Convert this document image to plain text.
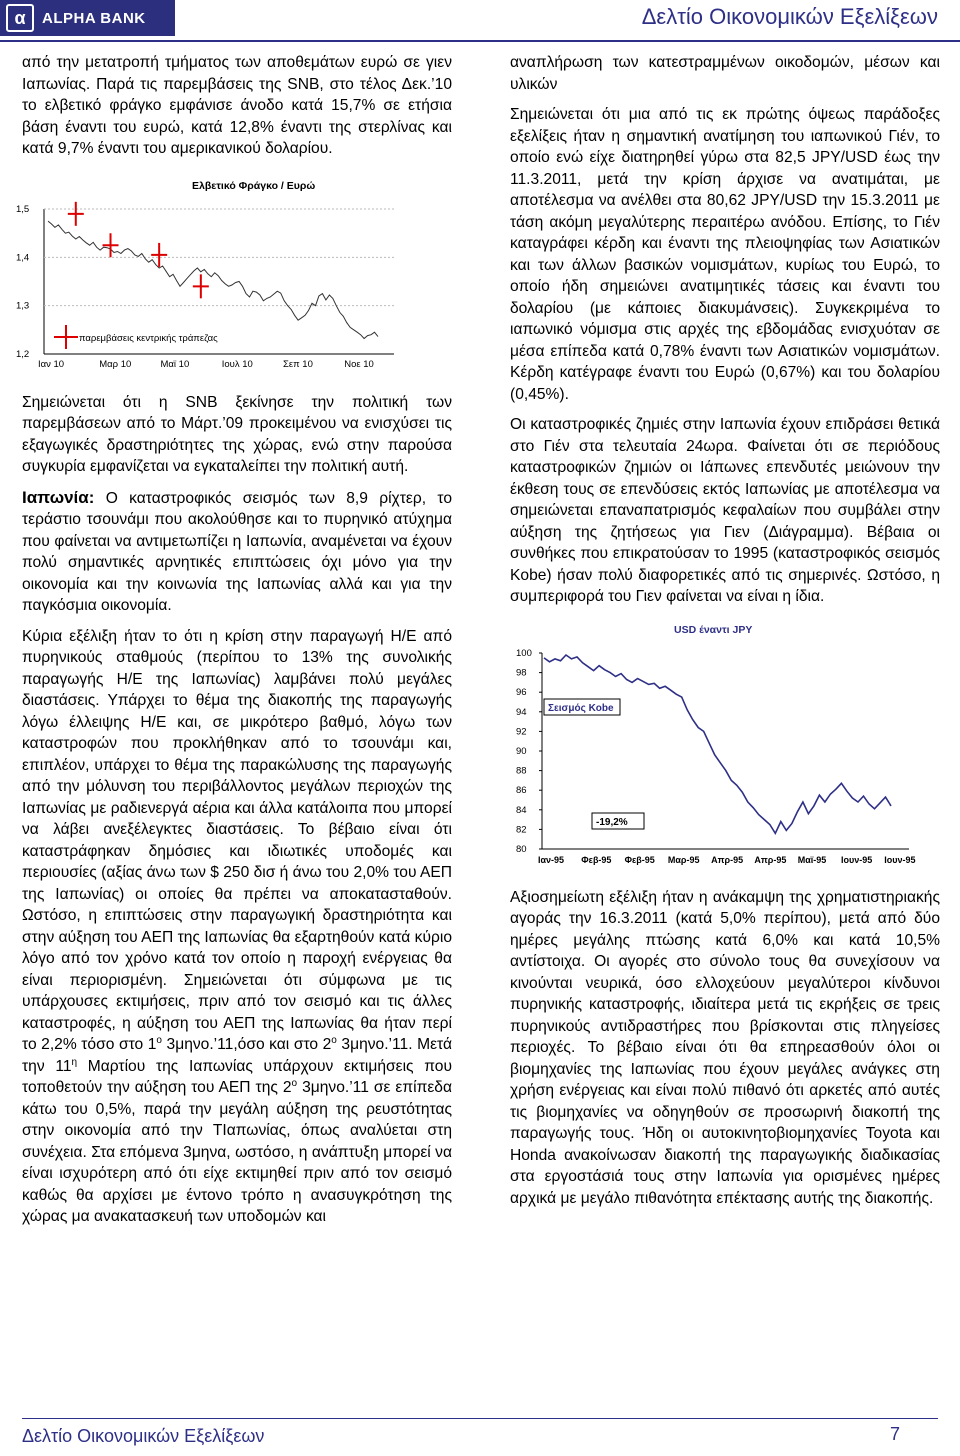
α	ALPHA BANK	Δελτίο Οικονομικών Εξελίξεων

από την μετατροπή τμήματος των αποθεμάτων ευρώ σε γιεν Ιαπωνίας. Παρά τις παρεμβάσεις της SNB, στο τέλος Δεκ.’10 το ελβετικό φράγκο εμφάνισε άνοδο κατά 15,7% σε ετήσια βάση έναντι του ευρώ, κατά 12,8% έναντι της στερλίνας και κατά 9,7% έναντι του αμερικανικού δολαρίου.

Ελβετικό Φράγκο / Ευρώ
παρεμβάσεις κεντρικής τράπεζας
1,5
1,4
1,3
1,2
Ιαν 10	Μαρ 10	Μαϊ 10	Ιουλ 10	Σεπ 10	Νοε 10

Σημειώνεται ότι η SNB ξεκίνησε την πολιτική των παρεμβάσεων από το Μάρτ.’09 προκειμένου να ενισχύσει τις εξαγωγικές δραστηριότητες της χώρας, ενώ στην παρούσα συγκυρία εμφανίζεται να εγκαταλείπει την πολιτική αυτή.

Ιαπωνία: Ο καταστροφικός σεισμός των 8,9 ρίχτερ, το τεράστιο τσουνάμι που ακολούθησε και το πυρηνικό ατύχημα που φαίνεται να αντιμετωπίζει η Ιαπωνία, αναμένεται να έχουν πολύ σημαντικές αρνητικές επιπτώσεις όχι μόνο για την οικονομία και την κοινωνία της Ιαπωνίας αλλά και για την παγκόσμια οικονομία.

Κύρια εξέλιξη ήταν το ότι η κρίση στην παραγωγή Η/Ε από πυρηνικούς σταθμούς (περίπου το 13% της συνολικής παραγωγής Η/Ε της Ιαπωνίας) λαμβάνει πολύ μεγάλες διαστάσεις. Υπάρχει το θέμα της διακοπής της παραγωγής λόγω έλλειψης Η/Ε και, σε μικρότερο βαθμό, λόγω των καταστροφών που προκλήθηκαν από το τσουνάμι και, επιπλέον, υπάρχει το θέμα της παρακώλυσης της παραγωγής από την μόλυνση του περιβάλλοντος μεγάλων περιοχών της Ιαπωνίας με ραδιενεργά αέρια και άλλα κατάλοιπα που μπορεί να λάβει ανεξέλεγκτες διαστάσεις. Το βέβαιο είναι ότι καταστράφηκαν δημόσιες και ιδιωτικές υποδομές και περιουσίες (αξίας άνω των $ 250 δισ ή άνω του 2,0% του ΑΕΠ της Ιαπωνίας) οι οποίες θα πρέπει να αποκατασταθούν. Ωστόσο, η επιπτώσεις στην παραγωγική δραστηριότητα και στην αύξηση του ΑΕΠ της Ιαπωνίας θα εξαρτηθούν κατά κύριο λόγο από τον χρόνο κατά τον οποίο η παροχή ενέργειας θα είναι περιορισμένη. Σημειώνεται ότι σύμφωνα με τις υπάρχουσες εκτιμήσεις, πριν από τον σεισμό και τις άλλες καταστροφές, η αύξηση του ΑΕΠ της Ιαπωνίας θα ήταν περί το 2,2% τόσο στο $1^o$ 3μηνο.’11,όσο και στο $2^o$ 3μηνο.’11. Μετά την $11^\eta$ Μαρτίου της Ιαπωνίας υπάρχουν εκτιμήσεις που τοποθετούν την αύξηση του ΑΕΠ της $2^o$ 3μηνο.’11 σε επίπεδα κάτω του 0,5%, παρά την μεγάλη αύξηση της ρευστότητας στην οικονομία από την ΤΙαπωνίας, όπως αναλύεται στη συνέχεια. Στα επόμενα 3μηνα, ωστόσο, η ανάπτυξη μπορεί να είναι ισχυρότερη από ότι είχε εκτιμηθεί πριν από τον σεισμό καθώς θα αρχίσει με έντονο τρόπο η ανασυγκρότηση της χώρας μα ανακατασκευή των υποδομών και

αναπλήρωση των κατεστραμμένων οικοδομών, μέσων και υλικών

Σημειώνεται ότι μια από τις εκ πρώτης όψεως παράδοξες εξελίξεις ήταν η σημαντική ανατίμηση του ιαπωνικού Γιέν, το οποίο ενώ είχε διατηρηθεί γύρω στα 82,5 JPY/USD έως την 11.3.2011, μετά την κρίση άρχισε να ανατιμάται, με αποτέλεσμα να ανέλθει στα 80,62 JPY/USD την 15.3.2011 με τάση ακόμη μεγαλύτερης περαιτέρω ανόδου. Επίσης, το Γιέν καταγράφει κέρδη και έναντι της πλειοψηφίας των Ασιατικών και των άλλων βασικών νομισμάτων, κυρίως του Ευρώ, το οποίο ήδη σημειώνει ανατιμητικές τάσεις και έναντι του δολαρίου (με κάποιες διακυμάνσεις). Συγκεκριμένα το ιαπωνικό νόμισμα στις αρχές της εβδομάδας ενισχυόταν σε μέσα επίπεδα κατά 0,78% έναντι των Ασιατικών νομισμάτων. Κέρδη κατέγραφε έναντι του Ευρώ (0,67%) και του δολαρίου (0,45%).

Οι καταστροφικές ζημιές στην Ιαπωνία έχουν επιδράσει θετικά στο Γιέν στα τελευταία 24ωρα. Φαίνεται ότι σε περιόδους καταστροφικών ζημιών οι Ιάπωνες επενδυτές μειώνουν την έκθεση τους σε επενδύσεις εκτός Ιαπωνίας με αποτέλεσμα να σημειώνεται επαναπατρισμός κεφαλαίων που συμβάλει στην αύξηση της ζητήσεως για Γιεν (Διάγραμμα). Βέβαια οι συνθήκες που επικρατούσαν το 1995 (καταστροφικός σεισμός Kobe) ήσαν πολύ διαφορετικές από τις σημερινές. Ωστόσο, η συμπεριφορά του Γιεν φαίνεται να είναι η ίδια.

USD έναντι JPY
Σεισμός Kobe
-19,2%
100
98
96
94
92
90
88
86
84
82
80
Ιαν-95 Φεβ-95 Φεβ-95 Μαρ-95 Απρ-95 Απρ-95 Μαϊ-95 Ιουν-95 Ιουν-95

Αξιοσημείωτη εξέλιξη ήταν η ανάκαμψη της χρηματιστηριακής αγοράς την 16.3.2011 (κατά 5,0% περίπου), μετά από δύο ημέρες μεγάλης πτώσης κατά 6,0% και κατά 10,5% αντίστοιχα. Οι αγορές στο σύνολο τους θα συνεχίσουν να κινούνται νευρικά, όσο ελλοχεύουν μεγαλύτεροι κίνδυνοι πυρηνικής καταστροφής, ιδιαίτερα μετά τις εκρήξεις σε τρεις πυρηνικούς αντιδραστήρες που βρίσκονται στις πληγείσες περιοχές. Το βέβαιο είναι ότι θα επηρεασθούν όλοι οι βιομηχανίες της Ιαπωνίας που έχουν μεγάλες ανάγκες στη χρήση ενέργειας και είναι πολύ πιθανό ότι αρκετές από αυτές τις βιομηχανίες να οδηγηθούν σε προσωρινή διακοπή της παραγωγής τους. Ήδη οι αυτοκινητοβιομηχανίες Toyota και Honda ανακοίνωσαν διακοπή της παραγωγικής διαδικασίας στα εργοστάσιά τους στην Ιαπωνία για ορισμένες ημέρες αρχικά με μεγάλο πιθανότητα επέκτασης αυτής της διακοπής.

Δελτίο Οικονομικών Εξελίξεων	7
